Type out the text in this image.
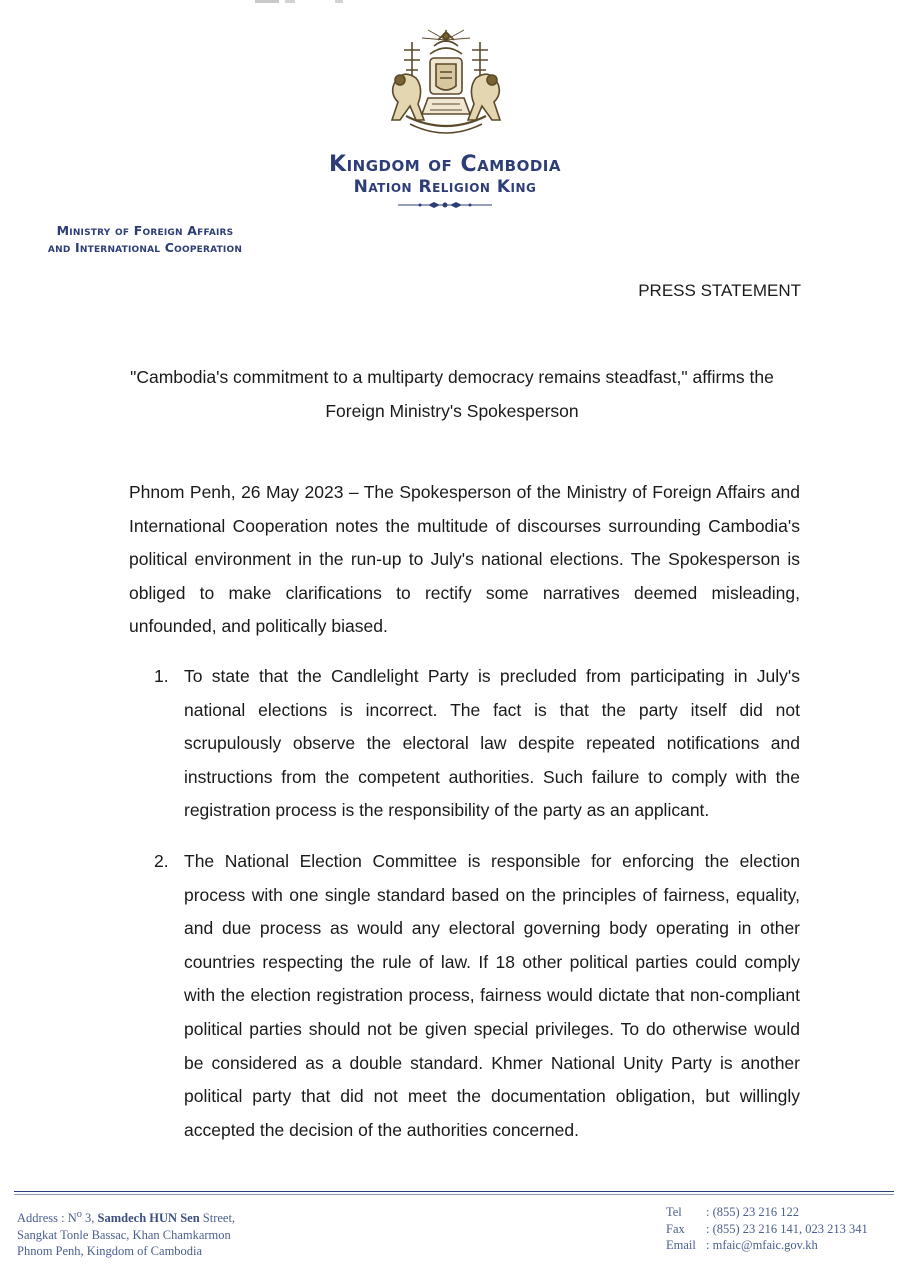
Kingdom of Cambodia
Nation Religion King
Ministry of Foreign Affairs
and International Cooperation
PRESS STATEMENT
"Cambodia's commitment to a multiparty democracy remains steadfast," affirms the
Foreign Ministry's Spokesperson

Phnom Penh, 26 May 2023 – The Spokesperson of the Ministry of Foreign Affairs and International Cooperation notes the multitude of discourses surrounding Cambodia's political environment in the run-up to July's national elections. The Spokesperson is obliged to make clarifications to rectify some narratives deemed misleading, unfounded, and politically biased.

1. To state that the Candlelight Party is precluded from participating in July's national elections is incorrect. The fact is that the party itself did not scrupulously observe the electoral law despite repeated notifications and instructions from the competent authorities. Such failure to comply with the registration process is the responsibility of the party as an applicant.
2. The National Election Committee is responsible for enforcing the election process with one single standard based on the principles of fairness, equality, and due process as would any electoral governing body operating in other countries respecting the rule of law. If 18 other political parties could comply with the election registration process, fairness would dictate that non-compliant political parties should not be given special privileges. To do otherwise would be considered as a double standard. Khmer National Unity Party is another political party that did not meet the documentation obligation, but willingly accepted the decision of the authorities concerned.
Address : $N^o$ 3, Samdech HUN Sen Street,
Sangkat Tonle Bassac, Khan Chamkarmon
Phnom Penh, Kingdom of Cambodia
Tel	: (855) 23 216 122
Fax	: (855) 23 216 141, 023 213 341
Email : mfaic@mfaic.gov.kh
